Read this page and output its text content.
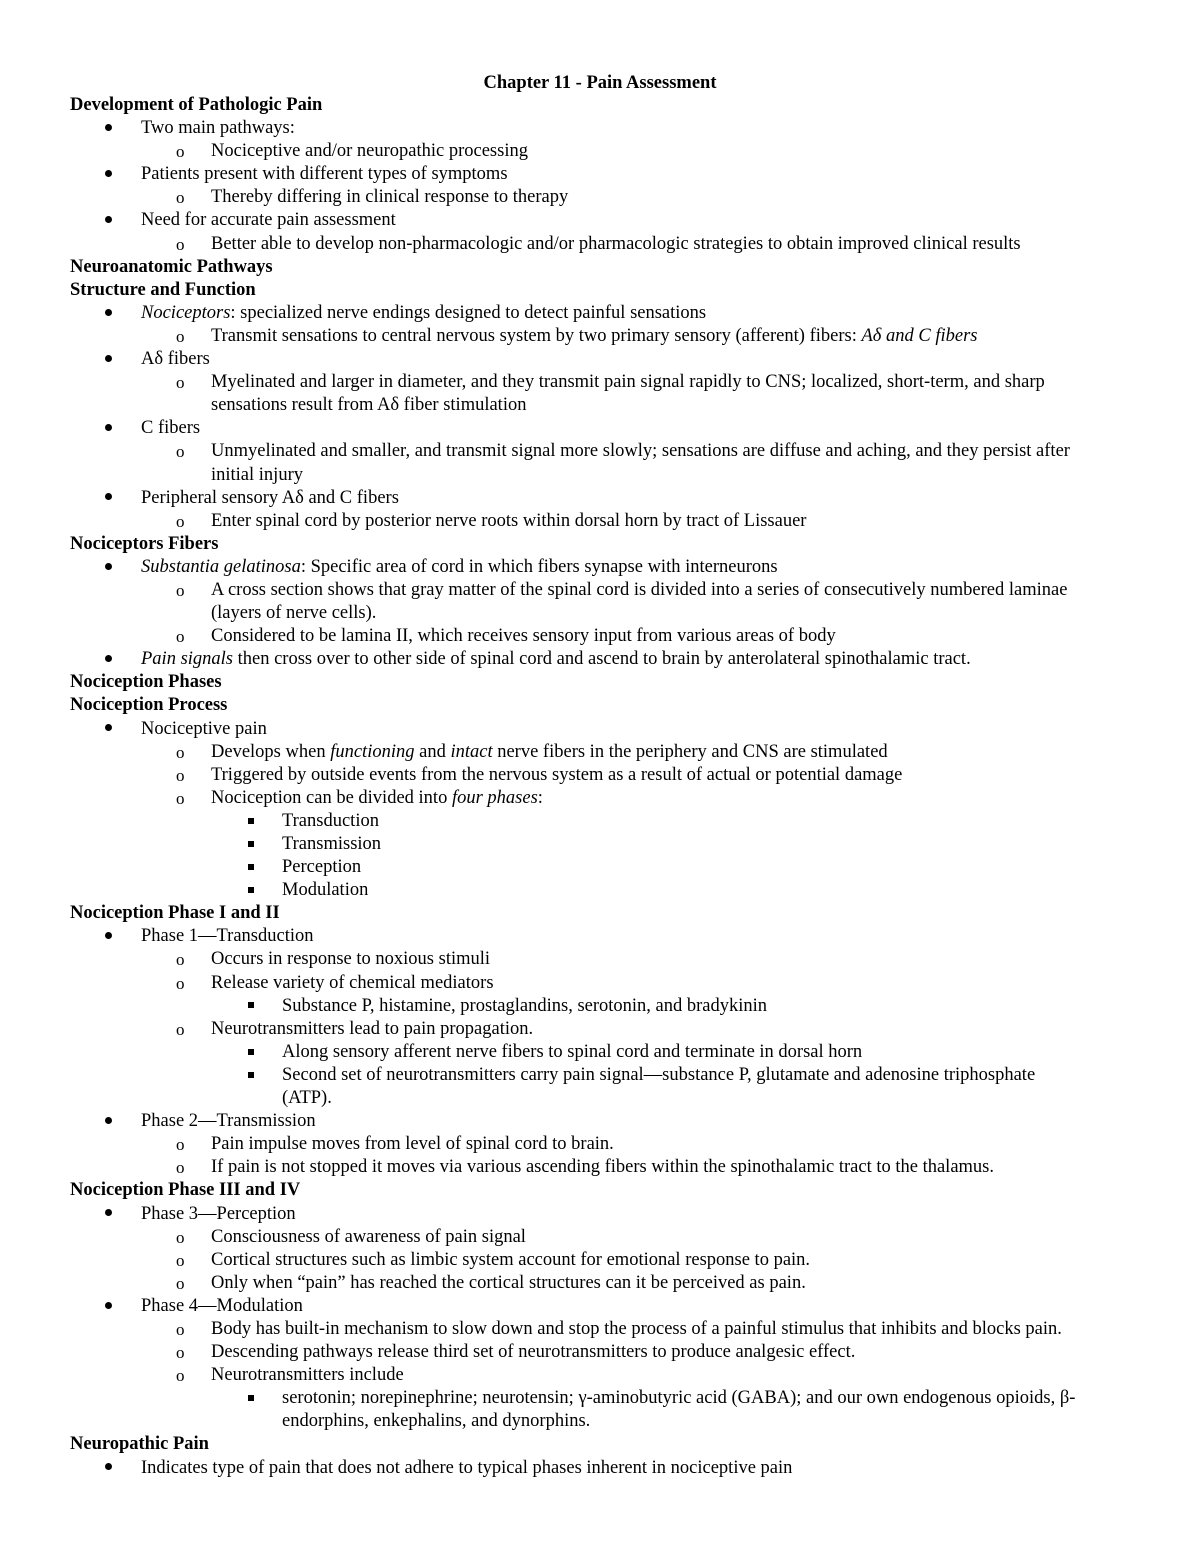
Chapter 11 - Pain Assessment
Development of Pathologic Pain
Two main pathways:
o Nociceptive and/or neuropathic processing
Patients present with different types of symptoms
o Thereby differing in clinical response to therapy
Need for accurate pain assessment
o Better able to develop non-pharmacologic and/or pharmacologic strategies to obtain improved clinical results
Neuroanatomic Pathways
Structure and Function
Nociceptors: specialized nerve endings designed to detect painful sensations
o Transmit sensations to central nervous system by two primary sensory (afferent) fibers: Aδ and C fibers
Aδ fibers
o Myelinated and larger in diameter, and they transmit pain signal rapidly to CNS; localized, short-term, and sharp
sensations result from Aδ fiber stimulation
C fibers
o Unmyelinated and smaller, and transmit signal more slowly; sensations are diffuse and aching, and they persist after
initial injury
Peripheral sensory Aδ and C fibers
o Enter spinal cord by posterior nerve roots within dorsal horn by tract of Lissauer
Nociceptors Fibers
Substantia gelatinosa: Specific area of cord in which fibers synapse with interneurons
o A cross section shows that gray matter of the spinal cord is divided into a series of consecutively numbered laminae
(layers of nerve cells).
o Considered to be lamina II, which receives sensory input from various areas of body
Pain signals then cross over to other side of spinal cord and ascend to brain by anterolateral spinothalamic tract.
Nociception Phases
Nociception Process
Nociceptive pain
o Develops when functioning and intact nerve fibers in the periphery and CNS are stimulated
o Triggered by outside events from the nervous system as a result of actual or potential damage
o Nociception can be divided into four phases:
Transduction
Transmission
Perception
Modulation
Nociception Phase I and II
Phase 1—Transduction
o Occurs in response to noxious stimuli
o Release variety of chemical mediators
Substance P, histamine, prostaglandins, serotonin, and bradykinin
o Neurotransmitters lead to pain propagation.
Along sensory afferent nerve fibers to spinal cord and terminate in dorsal horn
Second set of neurotransmitters carry pain signal—substance P, glutamate and adenosine triphosphate
(ATP).
Phase 2—Transmission
o Pain impulse moves from level of spinal cord to brain.
o If pain is not stopped it moves via various ascending fibers within the spinothalamic tract to the thalamus.
Nociception Phase III and IV
Phase 3—Perception
o Consciousness of awareness of pain signal
o Cortical structures such as limbic system account for emotional response to pain.
o Only when “pain” has reached the cortical structures can it be perceived as pain.
Phase 4—Modulation
o Body has built-in mechanism to slow down and stop the process of a painful stimulus that inhibits and blocks pain.
o Descending pathways release third set of neurotransmitters to produce analgesic effect.
o Neurotransmitters include
serotonin; norepinephrine; neurotensin; γ-aminobutyric acid (GABA); and our own endogenous opioids, β-
endorphins, enkephalins, and dynorphins.
Neuropathic Pain
Indicates type of pain that does not adhere to typical phases inherent in nociceptive pain
